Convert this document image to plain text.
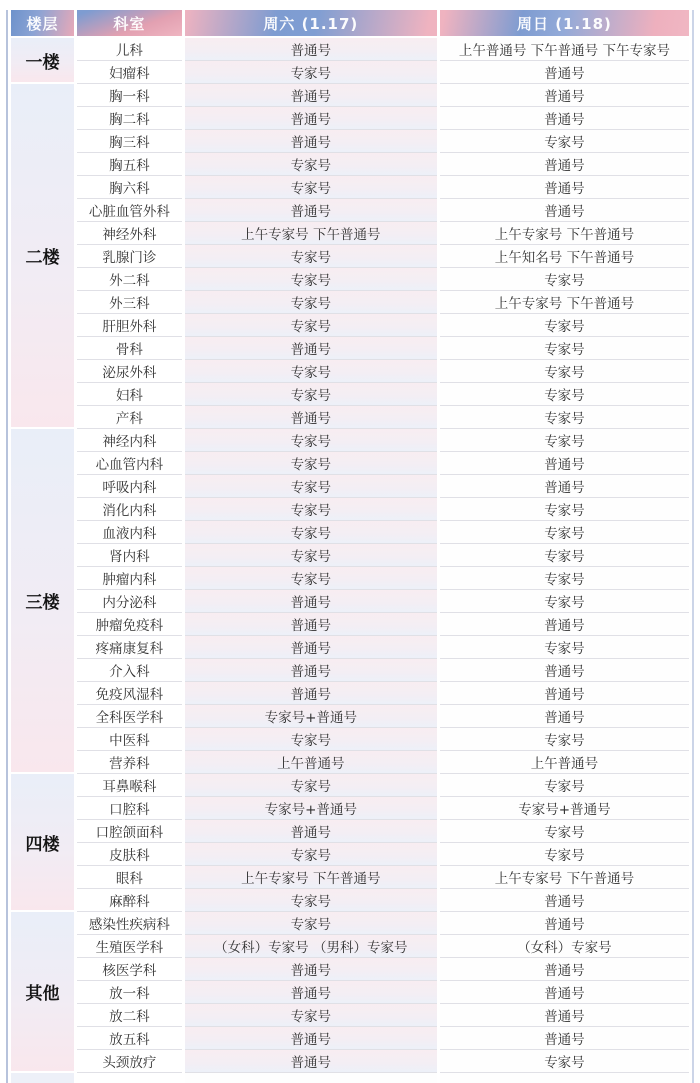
楼层	科室	周六 (1.17)	周日 (1.18)
一楼	儿科	普通号	上午普通号 下午普通号 下午专家号
	妇瘤科	专家号	普通号
二楼	胸一科	普通号	普通号
	胸二科	普通号	普通号
	胸三科	普通号	专家号
	胸五科	专家号	普通号
	胸六科	专家号	普通号
	心脏血管外科	普通号	普通号
	神经外科	上午专家号 下午普通号	上午专家号 下午普通号
	乳腺门诊	专家号	上午知名号 下午普通号
	外二科	专家号	专家号
	外三科	专家号	上午专家号 下午普通号
	肝胆外科	专家号	专家号
	骨科	普通号	专家号
	泌尿外科	专家号	专家号
	妇科	专家号	专家号
	产科	普通号	专家号
三楼	神经内科	专家号	专家号
	心血管内科	专家号	普通号
	呼吸内科	专家号	普通号
	消化内科	专家号	专家号
	血液内科	专家号	专家号
	肾内科	专家号	专家号
	肿瘤内科	专家号	专家号
	内分泌科	普通号	专家号
	肿瘤免疫科	普通号	普通号
	疼痛康复科	普通号	专家号
	介入科	普通号	普通号
	免疫风湿科	普通号	普通号
	全科医学科	专家号+普通号	普通号
	中医科	专家号	专家号
	营养科	上午普通号	上午普通号
四楼	耳鼻喉科	专家号	专家号
	口腔科	专家号+普通号	专家号+普通号
	口腔颌面科	普通号	专家号
	皮肤科	专家号	专家号
	眼科	上午专家号 下午普通号	上午专家号 下午普通号
	麻醉科	专家号	普通号
其他	感染性疾病科	专家号	普通号
	生殖医学科	（女科）专家号 （男科）专家号	（女科）专家号
	核医学科	普通号	普通号
	放一科	普通号	普通号
	放二科	专家号	普通号
	放五科	普通号	普通号
	头颈放疗	普通号	专家号
